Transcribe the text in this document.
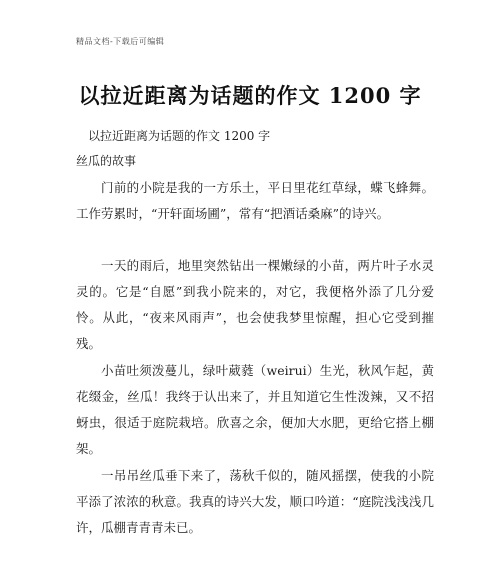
精品文档-下载后可编辑
以拉近距离为话题的作文 1200 字
以拉近距离为话题的作文 1200 字
丝瓜的故事

门前的小院是我的一方乐土，平日里花红草绿，蝶飞蜂舞。工作劳累时，“开轩面场圃”，常有“把酒话桑麻”的诗兴。

一天的雨后，地里突然钻出一棵嫩绿的小苗，两片叶子水灵灵的。它是“自愿”到我小院来的，对它，我便格外添了几分爱怜。从此，“夜来风雨声”，也会使我梦里惊醒，担心它受到摧残。

小苗吐须泼蔓儿，绿叶葳蕤（weirui）生光，秋风乍起，黄花缀金，丝瓜！我终于认出来了，并且知道它生性泼辣，又不招蚜虫，很适于庭院栽培。欣喜之余，便加大水肥，更给它搭上棚架。

一吊吊丝瓜垂下来了，荡秋千似的，随风摇摆，使我的小院平添了浓浓的秋意。我真的诗兴大发，顺口吟道：“庭院浅浅浅几许，瓜棚青青青未已。
